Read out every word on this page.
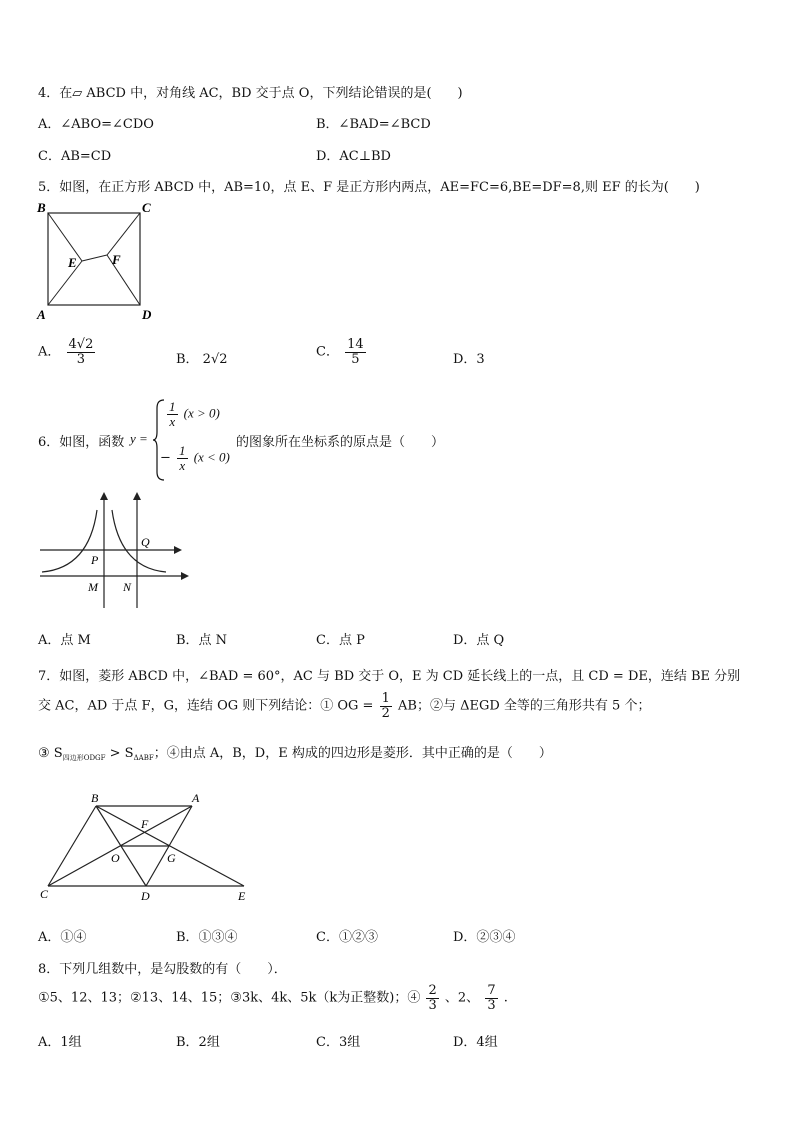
4．在▱ ABCD 中，对角线 AC，BD 交于点 O，下列结论错误的是(　　)
A．∠ABO=∠CDO	B．∠BAD=∠BCD
C．AB=CD	D．AC⊥BD
5．如图，在正方形 ABCD 中，AB=10，点 E、F 是正方形内两点，AE=FC=6,BE=DF=8,则 EF 的长为(　　)
B	C
E	F
A	D
A． $\frac{4√2}{3}$	B． 2√2	C． $\frac{14}{5}$	D．3
6．如图，函数 y =
$\frac{1}{x} (x > 0)$
− $\frac{1}{x} (x < 0)$
的图象所在坐标系的原点是（　　）
Q
P
M N
A．点 M	B．点 N	C．点 P	D．点 Q
7．如图，菱形 ABCD 中，∠BAD = 60°，AC 与 BD 交于 O，E 为 CD 延长线上的一点，且 CD = DE，连结 BE 分别
交 AC，AD 于点 F，G，连结 OG 则下列结论：① OG = $\frac{1}{2}$ AB；②与 ΔEGD 全等的三角形共有 5 个；
③ $S_{四边形ODGF} > S_{\Delta ABF}$；④由点 A，B，D，E 构成的四边形是菱形．其中正确的是（　　）
B	A
F
O	G
C	D	E
A．①④	B．①③④	C．①②③	D．②③④
8．下列几组数中，是勾股数的有（　　）．
①5、12、13；②13、14、15；③3k、4k、5k（k为正整数)；④ $\frac{2}{3}$ 、2、 $\frac{7}{3}$ .
A．1组	B．2组	C．3组	D．4组
